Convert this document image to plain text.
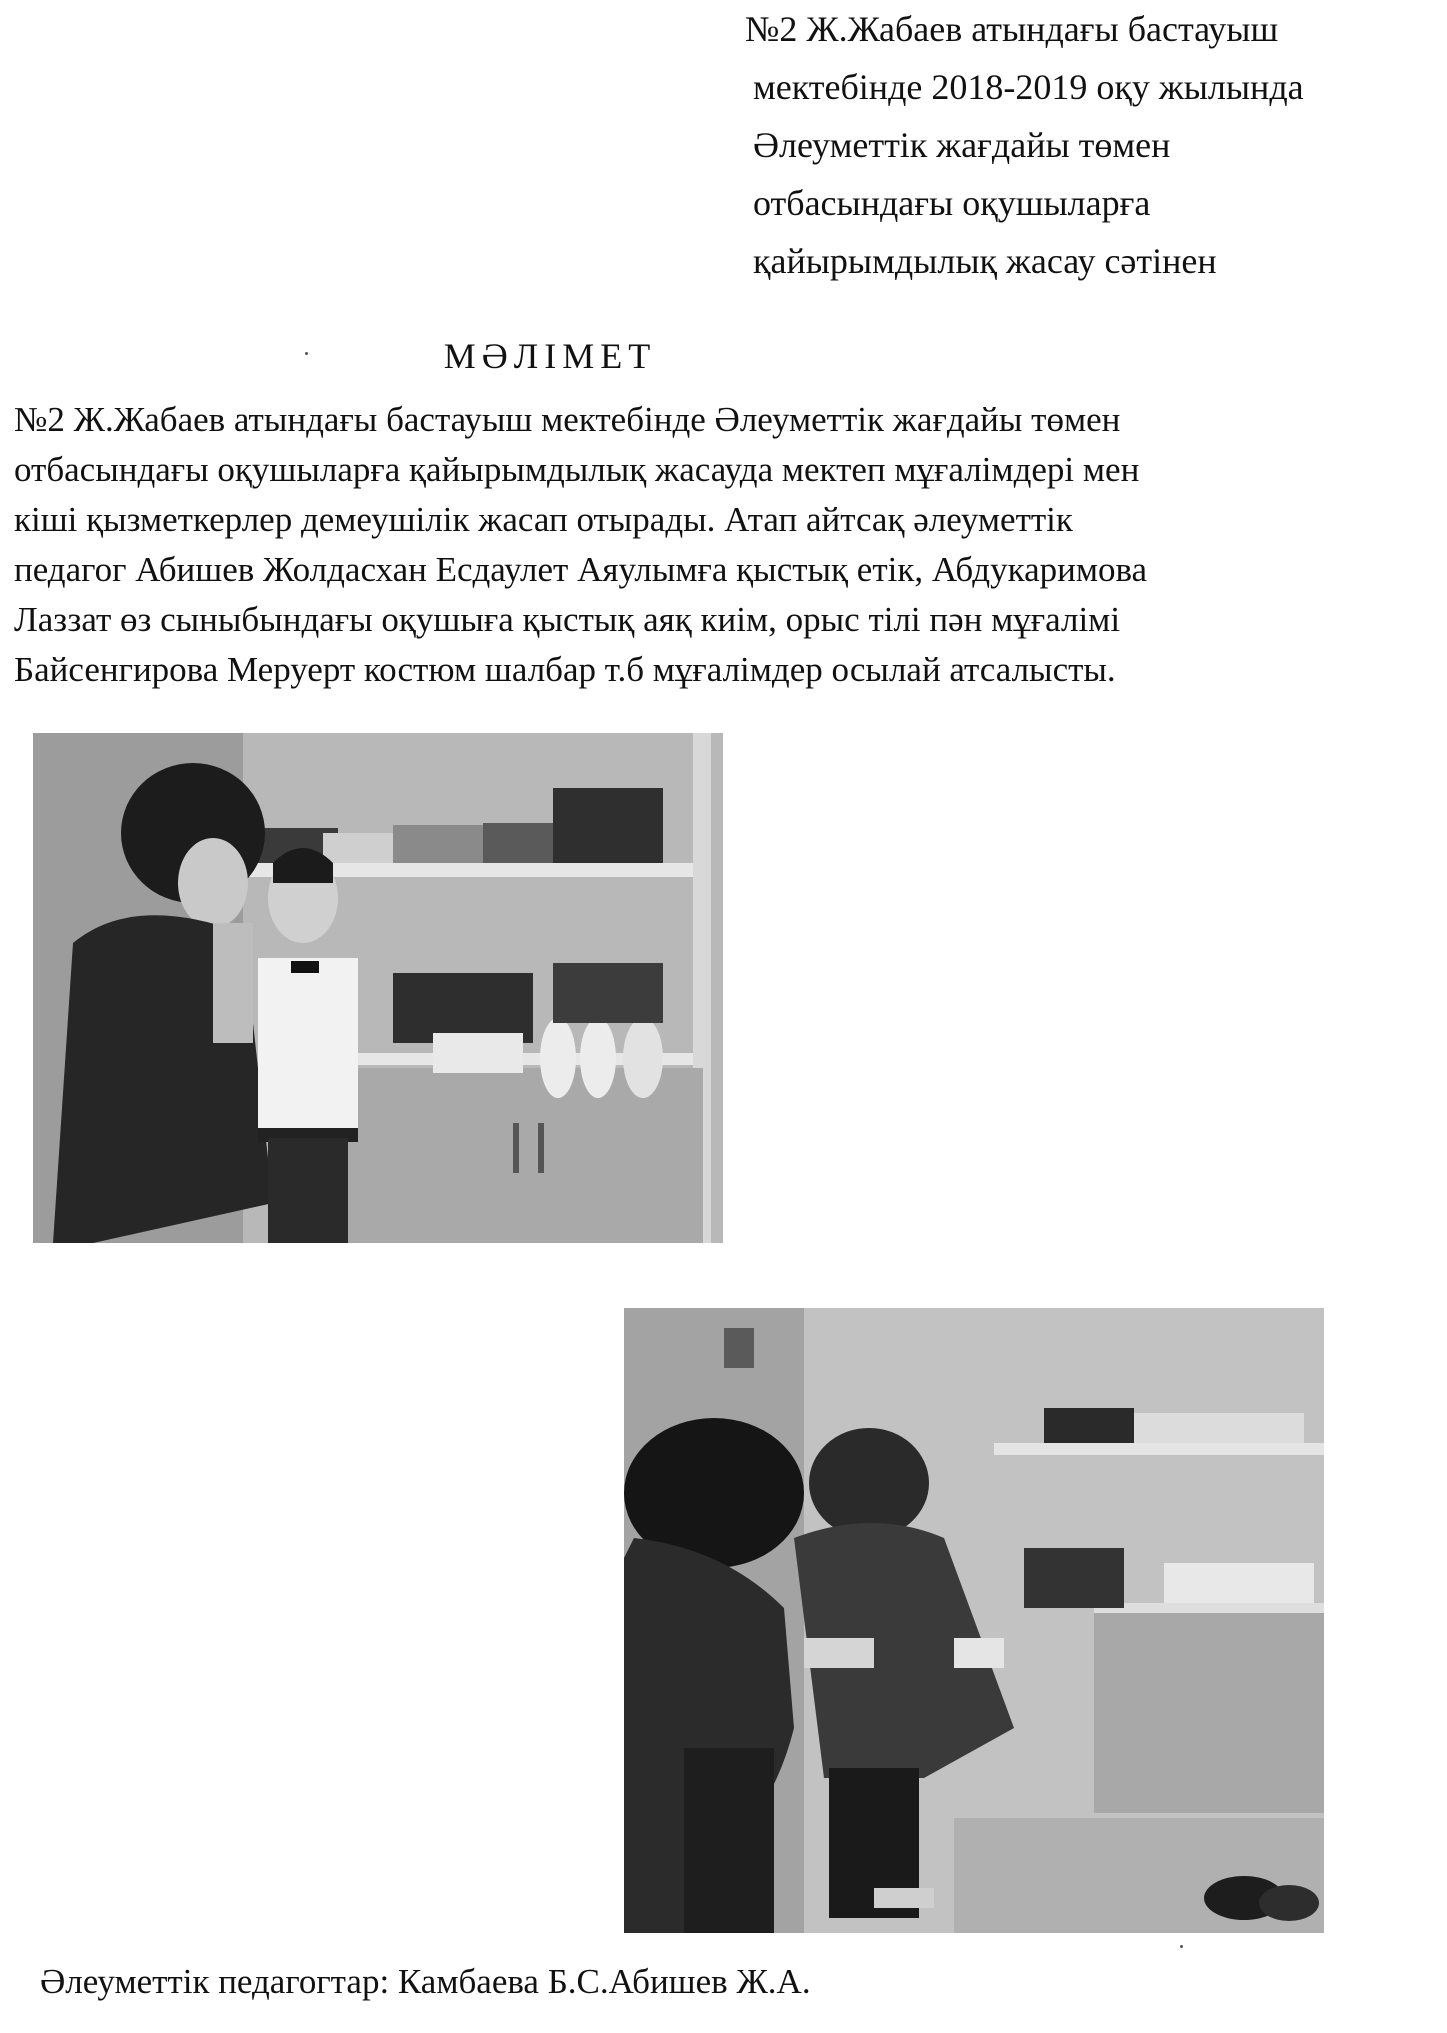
№2 Ж.Жабаев атындағы бастауыш
мектебінде 2018-2019 оқу жылында
Әлеуметтік жағдайы төмен
отбасындағы оқушыларға
қайырымдылық жасау сәтінен
МӘЛІМЕТ
№2 Ж.Жабаев атындағы бастауыш мектебінде Әлеуметтік жағдайы төмен
отбасындағы оқушыларға қайырымдылық жасауда мектеп мұғалімдері мен
кіші қызметкерлер демеушілік жасап отырады. Атап айтсақ әлеуметтік
педагог Абишев Жолдасхан Есдаулет Аяулымға қыстық етік, Абдукаримова
Лаззат өз сыныбындағы оқушыға қыстық аяқ киім, орыс тілі пән мұғалімі
Байсенгирова Меруерт костюм шалбар т.б мұғалімдер осылай атсалысты.
Әлеуметтік педагогтар: Камбаева Б.С.Абишев Ж.А.
